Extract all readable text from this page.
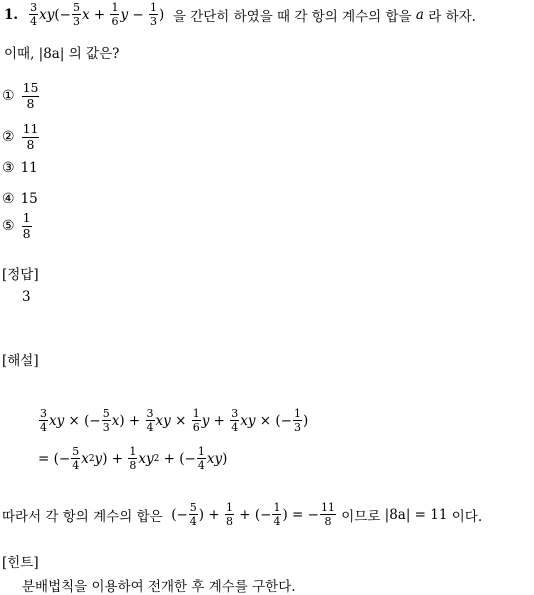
1. $\frac{3}{4}$ xy (− $\frac{5}{3}$ $x + \frac{1}{6}$ $y - \frac{1}{3}$ ) 을 간단히 하였을 때 각 항의 계수의 합을
a
라 하자.
이때, |8a| 의 값은?
① $\frac{15}{8}$
② $\frac{11}{8}$
③ 11
④ 15
⑤ $\frac{1}{8}$
[정답]
3
[해설]
$\frac{3}{4}$ xy × (− $\frac{5}{3}$ x ) + $\frac{3}{4}$ xy × $\frac{1}{6}$ $y + \frac{3}{4}$ xy × (− $\frac{1}{3}$ )
= (− $\frac{5}{4}$ x 2 y ) + $\frac{1}{8}$ xy 2 + (− $\frac{1}{4}$ xy )
따라서 각 항의 계수의 합은 (− $\frac{5}{4}$ ) + $\frac{1}{8}$ + (− $\frac{1}{4}$ ) = − $\frac{11}{8}$
이므로
|8a| = 11
이다.
[힌트]
분배법칙을 이용하여 전개한 후 계수를 구한다.
